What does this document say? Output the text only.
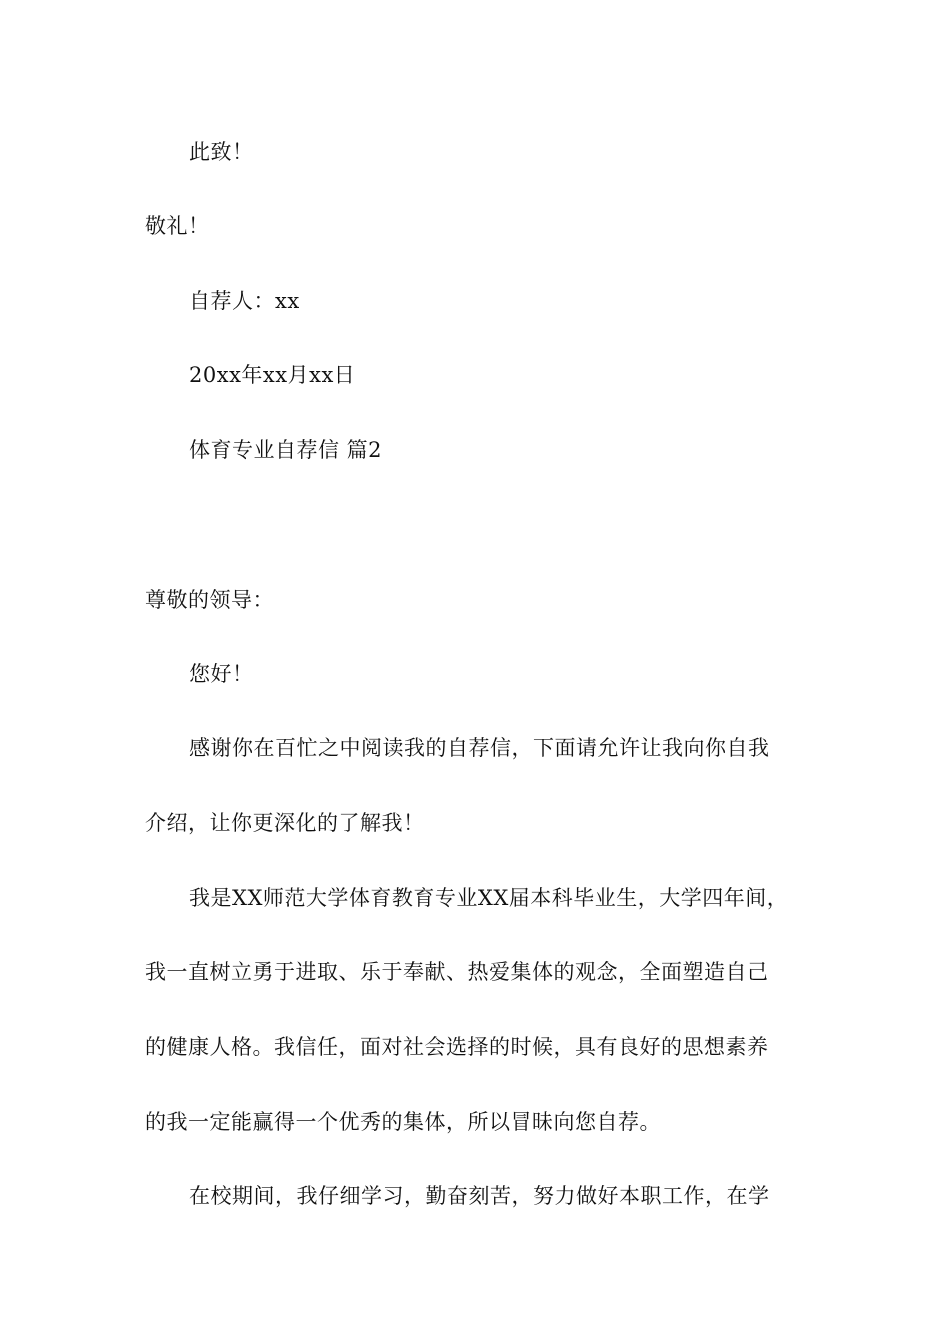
此致！
敬礼！
自荐人：xx
20xx年xx月xx日
体育专业自荐信 篇2
尊敬的领导：
您好！
感谢你在百忙之中阅读我的自荐信，下面请允许让我向你自我
介绍，让你更深化的了解我！
我是XX师范大学体育教育专业XX届本科毕业生，大学四年间，
我一直树立勇于进取、乐于奉献、热爱集体的观念，全面塑造自己
的健康人格。我信任，面对社会选择的时候，具有良好的思想素养
的我一定能赢得一个优秀的集体，所以冒昧向您自荐。
在校期间，我仔细学习，勤奋刻苦，努力做好本职工作，在学
